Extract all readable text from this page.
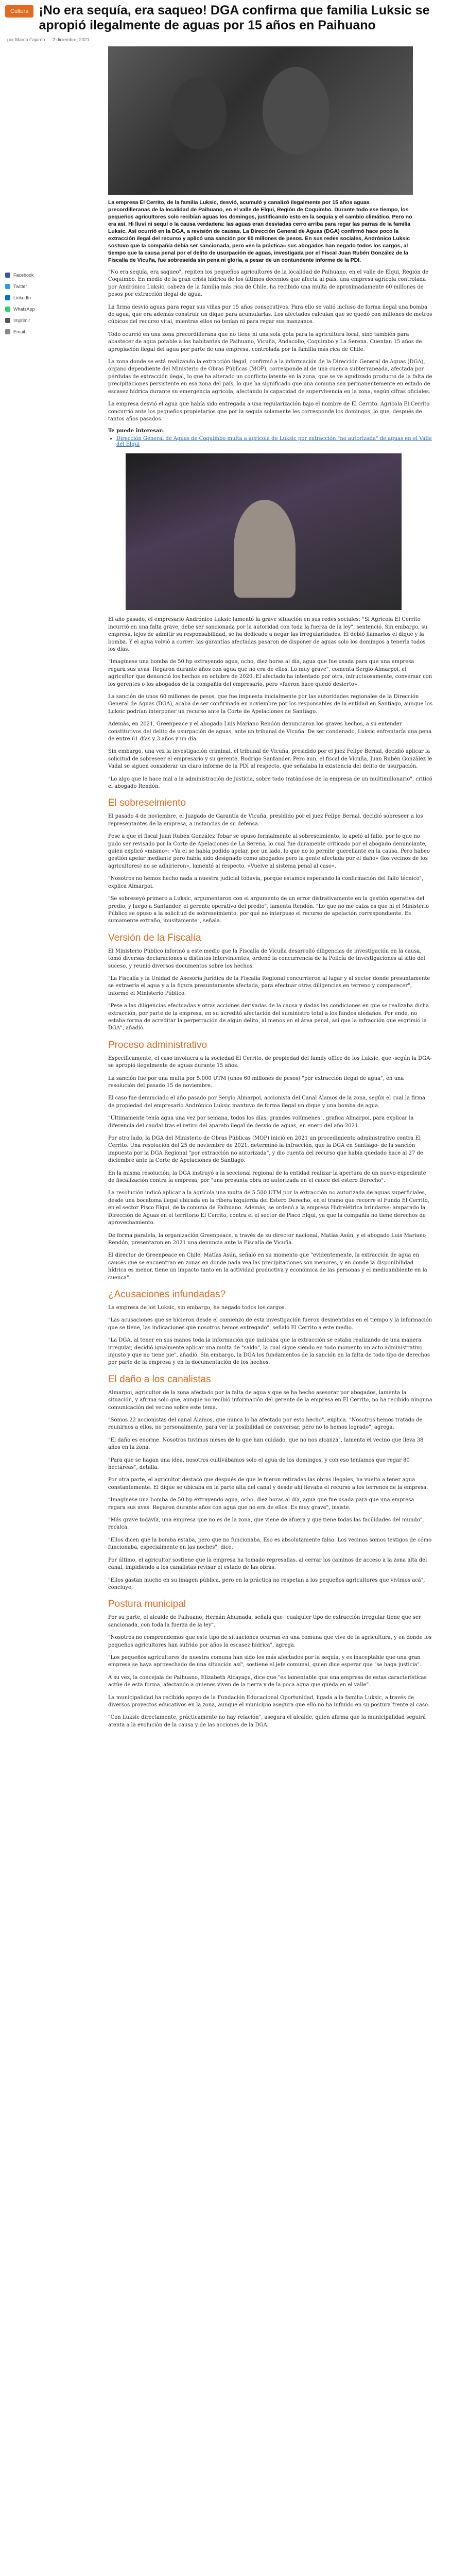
Cultura ¡No era sequía, era saqueo! DGA confirma que familia Luksic se apropió ilegalmente de aguas por 15 años en Paihuano
por Marco Fajardo 2 diciembre, 2021
La empresa El Cerrito, de la familia Luksic, desvió, acumuló y canalizó ilegalmente por 15 años aguas precordilleranas de la localidad de Paihuano, en el valle de Elqui, Región de Coquimbo. Durante todo ese tiempo, los pequeños agricultores solo recibían aguas los domingos, justificando esto en la sequía y el cambio climático. Pero no era así. Hi lluvi ni sequí o la causa verdadera: las aguas eran desviadas cerro arriba para regar las parras de la familia Luksic. Así ocurrió en la DGA, a revisión de causas. La Dirección General de Aguas (DGA) confirmó hace poco la extracción ilegal del recurso y aplicó una sanción por 60 millones de pesos. En sus redes sociales, Andrónico Luksic sostuvo que la compañía debía ser sancionada, pero «en la práctica» sus abogados han negado todos los cargos, al tiempo que la causa penal por el delito de usurpación de aguas, investigada por el Fiscal Juan Rubén González de la Fiscalía de Vicuña, fue sobreseída sin pena ni gloria, a pesar de un contundente informe de la PDI.
Facebook
Twitter
LinkedIn
WhatsApp
Imprimir
Email

"No era sequía, era saqueo", repiten los pequeños agricultores de la localidad de Paihuano, en el valle de Elqui, Región de Coquimbo. En medio de la gran crisis hídrica de los últimos decenios que afecta al país, una empresa agrícola controlada por Andrónico Luksic, cabeza de la familia más rica de Chile, ha recibido una multa de aproximadamente 60 millones de pesos por extracción ilegal de agua.

La firma desvió aguas para regar sus viñas por 15 años consecutivos. Para ello se valió incluso de forma ilegal una bomba de agua, que era además construir un dique para acumularlas. Los afectados calculan que se quedó con millones de metros cúbicos del recurso vital, mientras ellos no tenían ni para regar sus manzanos.

Todo ocurrió en una zona precordillerana que no tiene ni una sola gota para la agricultura local, sino también para abastecer de agua potable a los habitantes de Paihuano, Vicuña, Andacollo, Coquimbo y La Serena. Cuentan 15 años de apropiación ilegal del agua por parte de una empresa, controlada por la familia más rica de Chile.

La zona donde se está realizando la extracción ilegal, confirmó a la información de la Dirección General de Aguas (DGA), órgano dependiente del Ministerio de Obras Públicas (MOP), corresponde al de una cuenca subterraneada, afectada por pérdidas de extracción ilegal, lo que ha alterado un conflicto latente en la zona, que se ve agudizado producto de la falta de precipitaciones persistente en esa zona del país, lo que ha significado que una comuna sea permanentemente en estado de escasez hídrica durante su emergencia agrícola, afectando la capacidad de supervivencia en la zona, según cifras oficiales.

La empresa desvió el agua que había sido entregada a una regularización bajo el nombre de El Cerrito. Agrícola El Cerrito concurrió ante los pequeños propietarios que por la sequía solamente les corresponde los domingos, lo que, después de tantos años pasados.

Te puede interesar:
• Dirección General de Aguas de Coquimbo multa a agrícola de Luksic por extracción "no autorizada" de aguas en el Valle del Elqui

El año pasado, el empresario Andrónico Luksic lamentó la grave situación en sus redes sociales: "Si Agrícola El Cerrito incurrió en una falta grave, debe ser sancionada por la autoridad con toda la fuerza de la ley", sentenció. Sin embargo, su empresa, lejos de admitir su responsabilidad, se ha dedicado a negar las irregularidades. El debió llamarlos el dique y la bomba. Y el agua volvió a correr: las garantías afectadas pasaron de disponer de aguas solo los domingos a tenerla todos los días.

"Imagínese una bomba de 50 hp extrayendo agua, ocho, diez horas al día, agua que fue usada para que una empresa regara sus uvas. Regaron durante años con agua que no era de ellos. Lo muy grave", comenta Sergio Almarpoi, el agricultor que denunció los hechos en octubre de 2020. El afectado ha intentado por otra, infructuosamente, conversar con los gerentes o los abogados de la compañía del empresario, pero «fueron hace quedó desierto».

La sanción de unos 60 millones de pesos, que fue impuesta inicialmente por las autoridades regionales de la Dirección General de Aguas (DGA), acaba de ser confirmada en noviembre por los responsables de la entidad en Santiago, aunque los Luksic podrían interponer un recurso ante la Corte de Apelaciones de Santiago.

Además, en 2021, Greenpeace y el abogado Luis Mariano Rendón denunciaron los graves hechos, a su entender constitutivos del delito de usurpación de aguas, ante un tribunal de Vicuña. De ser condenado, Luksic enfrentaría una pena de entre 61 días y 3 años y un día.

Sin embargo, una vez la investigación criminal, el tribunal de Vicuña, presidido por el juez Felipe Bernal, decidió aplicar la solicitud de sobreseer el empresario y su gerente, Rodrigo Santander. Pero aun, el fiscal de Vicuña, Juan Rubén González le Vadal se siguen considerar un claro informe de la PDI al respecto, que señalaba la existencia del delito de usurpación.

"Lo algo que le hace mal a la administración de justicia, sobre todo tratándose de la empresa de un multimillonario", criticó el abogado Rendón.

El sobreseimiento

El pasado 4 de noviembre, el Juzgado de Garantía de Vicuña, presidido por el juez Felipe Bernal, decidió sobreseer a los representantes de la empresa, a instancias de su defensa.

Pese a que el fiscal Juan Rubén González Tobar se opuso formalmente al sobreseimiento, lo apeló al fallo, por lo que no pudo ser revisado por la Corte de Apelaciones de La Serena, lo cual fue duramente criticado por el abogado denunciante, quien explicó «mismo»: «Ya el se había podido apelar, por un lado, lo que no lo pernite querellante en la causa. Pero habeo gestión apelar mediante pero había sido designado como abogados pero la gente afectada por el daño» (los vecinos de los agricultores) no se adhirieron», lamentó al respecto. «Vuelve al sistema penal al caso».

"Nosotros no hemos hecho nada a nuestra judicial todavía, porque estamos esperando la confirmación del fallo técnico", explica Almarpoi.

"Se sobreseyó primero a Luksic, argumentaron con el argumento de un error distrativamente en la gestión operativa del predio, y luego a Santander, el gerente operativo del predio", lamenta Rendón. "Lo que no me calza es que ni el Ministerio Público se opuso a la solicitud de sobreseimiento, por qué no interpuso el recurso de apelación correspondiente. Es sumamente extraño, inusitamente", señala.

Versión de la Fiscalía

El Ministerio Público informó a este medio que la Fiscalía de Vicuña desarrolló diligencias de investigación en la causa, tomó diversas declaraciones a distintos intervinientes, ordenó la concurrencia de la Policía de Investigaciones al sitio del suceso, y reunió diversos documentos sobre los hechos.

"La Fiscalía y la Unidad de Asesoría Jurídica de la Fiscalía Regional concurrieron al lugar y al sector donde presuntamente se extraería el agua y a la figura presuntamente afectada, para efectuar otras diligencias en terreno y comparecer", informó el Ministerio Público.

"Pese a las diligencias efectuadas y otras acciones derivadas de la causa y dadas las condiciones en que se realizaba dicha extracción, por parte de la empresa, en su acreditó afectación del suministro total a los fundos aledaños. Por ende, no estaba forma de acreditar la perpetración de algún delito, al menos en el área penal, así que la infracción que esgrimió la DGA", añadió.

Proceso administrativo

Específicamente, el caso involucra a la sociedad El Cerrito, de propiedad del family office de los Luksic, que -según la DGA- se apropió ilegalmente de aguas durante 15 años.

La sanción fue por una multa por 5.000 UTM (unos 60 millones de pesos) "por extracción ilegal de agua", en una resolución del pasado 15 de noviembre.

El caso fue denunciado el año pasado por Sergio Almarpoi, accionista del Canal Alamos de la zona, según el cual la firma de propiedad del empresario Andrónico Luksic mantuvo de forma ilegal un dique y una bomba de agua.

"Últimamente tenía agua una vez por semana, todos los días, grandes volúmenes", grafica Almarpoi, para explicar la diferencia del caudal tras el retiro del aparato ilegal de desvío de aguas, en enero del año 2021.

Por otro lado, la DGA del Ministerio de Obras Públicas (MOP) inició en 2021 un procedimiento administrativo contra El Cerrito. Una resolución del 25 de noviembre de 2021, determinó la infracción, que la DGA en Santiago- de la sanción impuesta por la DGA Regional "por extracción no autorizada", y dio cuenta del recurso que había quedado hace al 27 de diciembre ante la Corte de Apelaciones de Santiago.

En la misma resolución, la DGA instruyó a la seccional regional de la entidad realizar la apertura de un nuevo expediente de fiscalización contra la empresa, por "una presunta obra no autorizada en el cauce del estero Derecho".

La resolución indicó aplicar a la agrícola una multa de 5.500 UTM por la extracción no autorizada de aguas superficiales, desde una bocatoma ilegal ubicada en la ribera izquierda del Estero Derecho, en el tramo que recorre el Fundo El Cerrito, en el sector Pisco Elqui, de la comuna de Paihuano. Además, se ordenó a la empresa Hidrelétrica brindarse: amparado la Dirección de Aguas en el territorio El Cerrito, contra el el sector de Pisco Elqui, ya que la compañía no tiene derechos de aprovechamiento.

De forma paralela, la organización Greenpeace, a través de su director nacional, Matías Asún, y el abogado Luis Mariano Rendón, presentaron en 2021 una denuncia ante la Fiscalía de Vicuña.

El director de Greenpeace en Chile, Matías Asún, señaló en su momento que "evidentemente, la extracción de agua en cauces que se encuentran en zonas en donde nada vea las precipitaciones son menores, y en donde la disponibilidad hídrica es menor, tiene un impacto tanto en la actividad productiva y económica de las personas y el medioambiente en la cuenca".

¿Acusaciones infundadas?

La empresa de los Luksic, sin embargo, ha negado todos los cargos.

"Las acusaciones que se hicieron desde el comienzo de esta investigación fueron desmentidas en el tiempo y la información que se tiene, las indicaciones que nosotros hemos entregado", señaló El Cerrito a este medio.

"La DGA, al tener en sus manos toda la información que indicaba que la extracción se estaba realizando de una manera irregular, decidió igualmente aplicar una multa de "saldo", la cual sigue siendo en todo momento un acto administrativo injusto y que no tiene pie", añadió. Sin embargo, la DGA los fundamentos de la sanción en la falta de todo tipo de derechos por parte de la empresa y en la documentación de los hechos.

El daño a los canalistas

Almarpoi, agricultor de la zona afectado por la falta de agua y que se ha hecho asesorar por abogados, lamenta la situación, y afirma solo que, aunque no recibió información del gerente de la empresa en El Cerrito, no ha recibido ninguna comunicación del vecino sobre este tema.

"Somos 22 accionistas del canal Álamos, que nunca lo ha afectado por esto hecho", explica. "Nosotros hemos tratado de reunirnos a ellos, no personalmente, para ver la posibilidad de conversar, pero no lo hemos logrado", agrega.

"El daño es enorme. Nosotros tuvimos meses de lo que han cuidado, que no nos alcanza", lamenta el vecino que lleva 38 años en la zona.

"Para que se hagan una idea, nosotros cultivábamos solo el agua de los domingos, y con eso teníamos que regar 80 hectáreas", detalla.

Por otra parte, el agricultor destacó que después de que le fueron retiradas las obras ilegales, ha vuelto a tener agua constantemente. El dique se ubicaba en la parte alta del canal y desde ahí llevaba el recurso a los terrenos de la empresa.

"Imagínese una bomba de 50 hp extrayendo agua, ocho, diez horas al día, agua que fue usada para que una empresa regara sus uvas. Regaron durante años con agua que no era de ellos. Es muy grave", insiste.

"Más grave todavía, una empresa que no es de la zona, que viene de afuera y que tiene todas las facilidades del mundo", recalca.

"Ellos dicen que la bomba estaba, pero que no funcionaba. Eso es absolutamente falso. Los vecinos somos testigos de cómo funcionaba, especialmente en las noches", dice.

Por último, el agricultor sostiene que la empresa ha tomado represalias, al cerrar los caminos de acceso a la zona alta del canal, impidiendo a los canalistas revisar el estado de las obras.

"Ellos gastan mucho en su imagen pública, pero en la práctica no respetan a los pequeños agricultores que vivimos acá", concluye.

Postura municipal

Por su parte, el alcalde de Paihuano, Hernán Ahumada, señala que "cualquier tipo de extracción irregular tiene que ser sancionada, con toda la fuerza de la ley".

"Nosotros no comprendemos que este tipo de situaciones ocurran en una comuna que vive de la agricultura, y en donde los pequeños agricultores han sufrido por años la escasez hídrica", agrega.

"Los pequeños agricultores de nuestra comuna han sido los más afectados por la sequía, y es inaceptable que una gran empresa se haya aprovechado de una situación así", sostiene el jefe comunal, quien dice esperar que "se haga justicia".

A su vez, la concejala de Paihuano, Elizabeth Alcayaga, dice que "es lamentable que una empresa de estas características actúe de esta forma, afectando a quienes viven de la tierra y de la poca agua que queda en el valle".

La municipalidad ha recibido apoyo de la Fundación Educacional Oportunidad, ligada a la familia Luksic, a través de diversos proyectos educativos en la zona, aunque el municipio asegura que ello no ha influido en su postura frente al caso.

"Con Luksic directamente, prácticamente no hay relación", asegura el alcalde, quien afirma que la municipalidad seguirá atenta a la evolución de la causa y de las acciones de la DGA.
